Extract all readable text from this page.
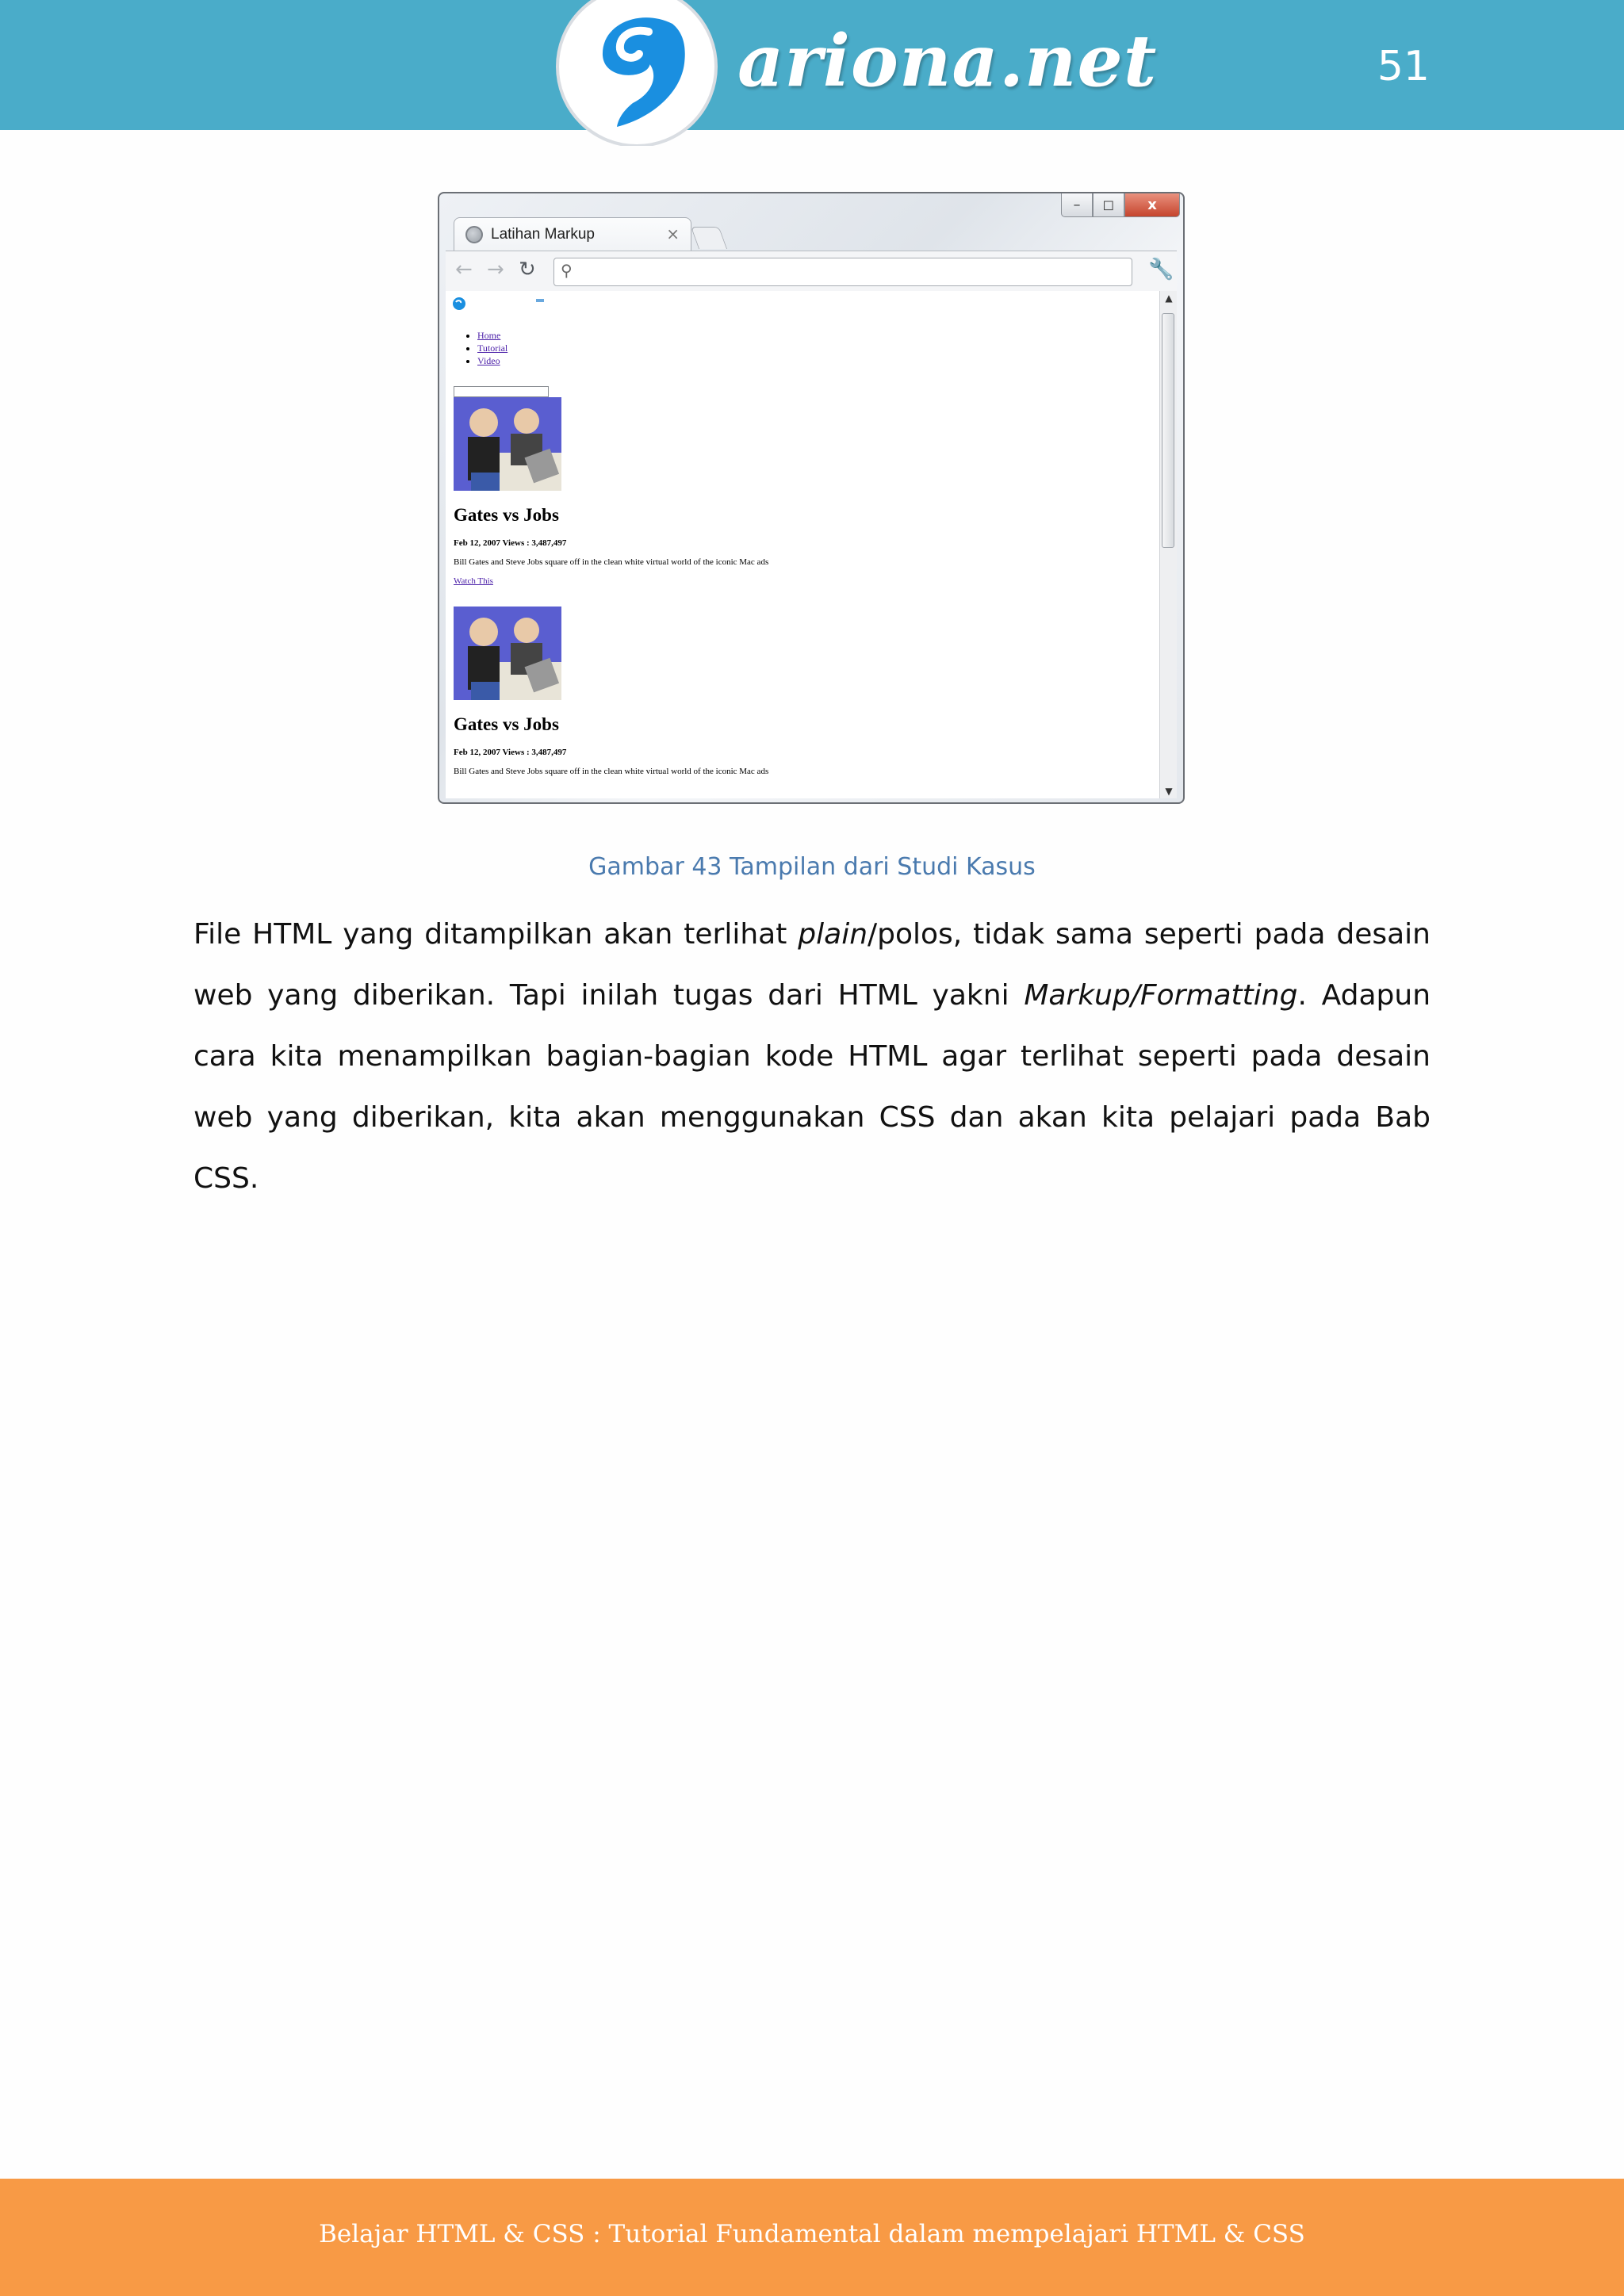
ariona.net	51
–	◻	x
Latihan Markup	×
← → ↻ ⚲	🔧
• Home
• Tutorial
• Video
Gates vs Jobs
Feb 12, 2007 Views : 3,487,497
Bill Gates and Steve Jobs square off in the clean white virtual world of the iconic Mac ads
Watch This
Gates vs Jobs
Feb 12, 2007 Views : 3,487,497
Bill Gates and Steve Jobs square off in the clean white virtual world of the iconic Mac ads
▲
▼
Gambar 43 Tampilan dari Studi Kasus

File HTML yang ditampilkan akan terlihat plain/polos, tidak sama seperti pada desain web yang diberikan. Tapi inilah tugas dari HTML yakni Markup/Formatting. Adapun cara kita menampilkan bagian-bagian kode HTML agar terlihat seperti pada desain web yang diberikan, kita akan menggunakan CSS dan akan kita pelajari pada Bab CSS.

Belajar HTML & CSS : Tutorial Fundamental dalam mempelajari HTML & CSS
